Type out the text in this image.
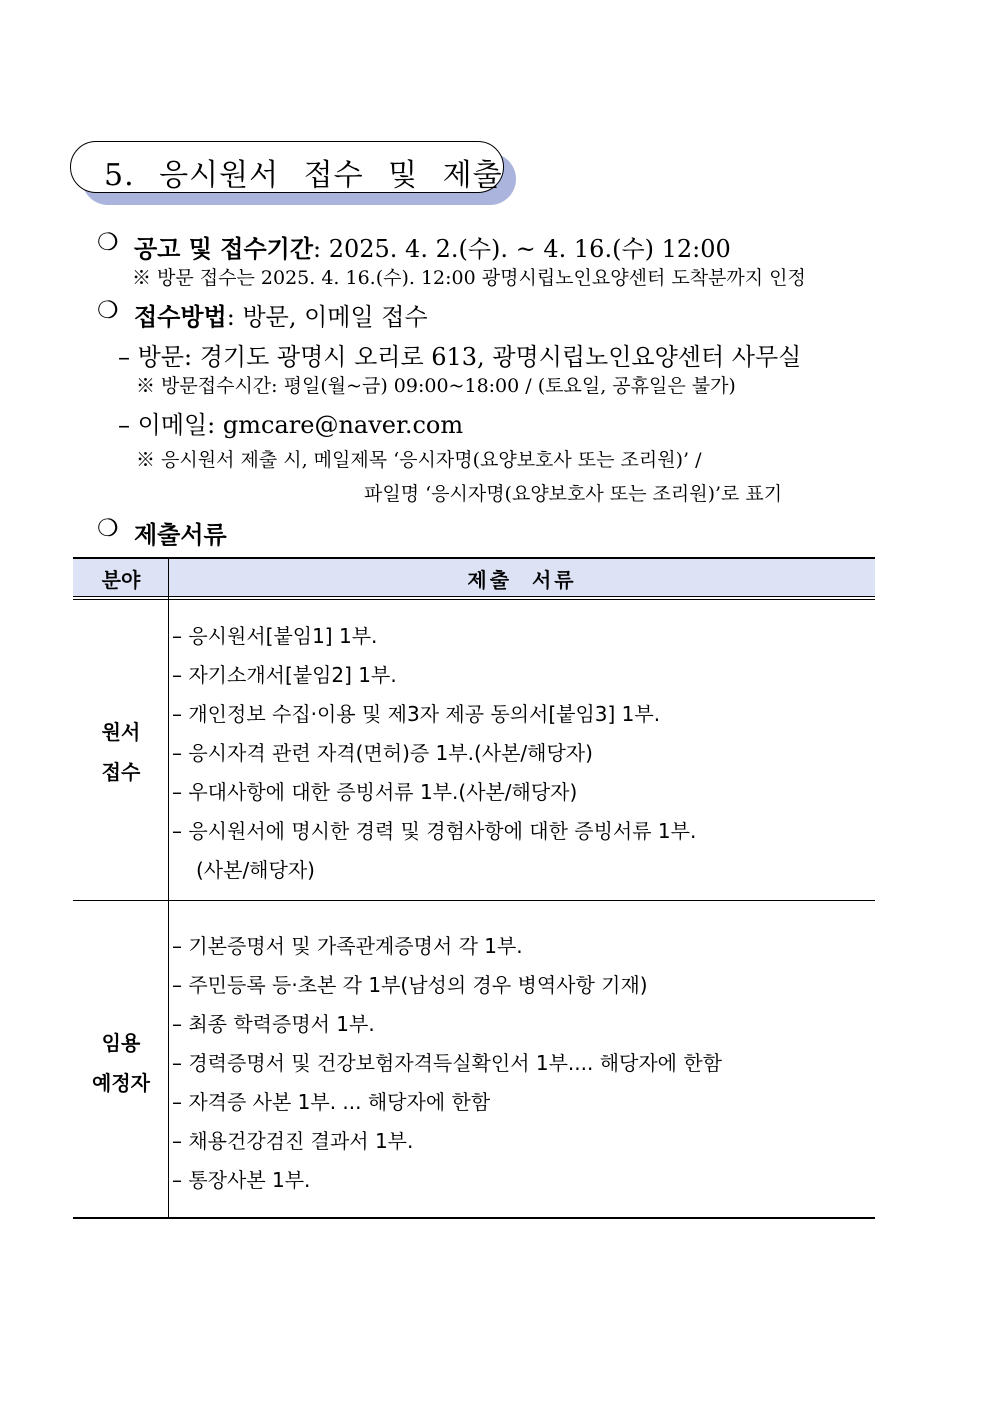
5. 응시원서 접수 및 제출
❍ 공고 및 접수기간: 2025. 4. 2.(수). ~ 4. 16.(수) 12:00
※ 방문 접수는 2025. 4. 16.(수). 12:00 광명시립노인요양센터 도착분까지 인정
❍ 접수방법: 방문, 이메일 접수
– 방문: 경기도 광명시 오리로 613, 광명시립노인요양센터 사무실
※ 방문접수시간: 평일(월~금) 09:00~18:00 / (토요일, 공휴일은 불가)
– 이메일: gmcare@naver.com
※ 응시원서 제출 시, 메일제목 ‘응시자명(요양보호사 또는 조리원)’ /
파일명 ‘응시자명(요양보호사 또는 조리원)’로 표기
❍ 제출서류
분야	제출 서류
원서
접수
– 응시원서[붙임1] 1부.
– 자기소개서[붙임2] 1부.
– 개인정보 수집·이용 및 제3자 제공 동의서[붙임3] 1부.
– 응시자격 관련 자격(면허)증 1부.(사본/해당자)
– 우대사항에 대한 증빙서류 1부.(사본/해당자)
– 응시원서에 명시한 경력 및 경험사항에 대한 증빙서류 1부.
(사본/해당자)
임용
예정자
– 기본증명서 및 가족관계증명서 각 1부.
– 주민등록 등·초본 각 1부(남성의 경우 병역사항 기재)
– 최종 학력증명서 1부.
– 경력증명서 및 건강보험자격득실확인서 1부.... 해당자에 한함
– 자격증 사본 1부. ... 해당자에 한함
– 채용건강검진 결과서 1부.
– 통장사본 1부.
